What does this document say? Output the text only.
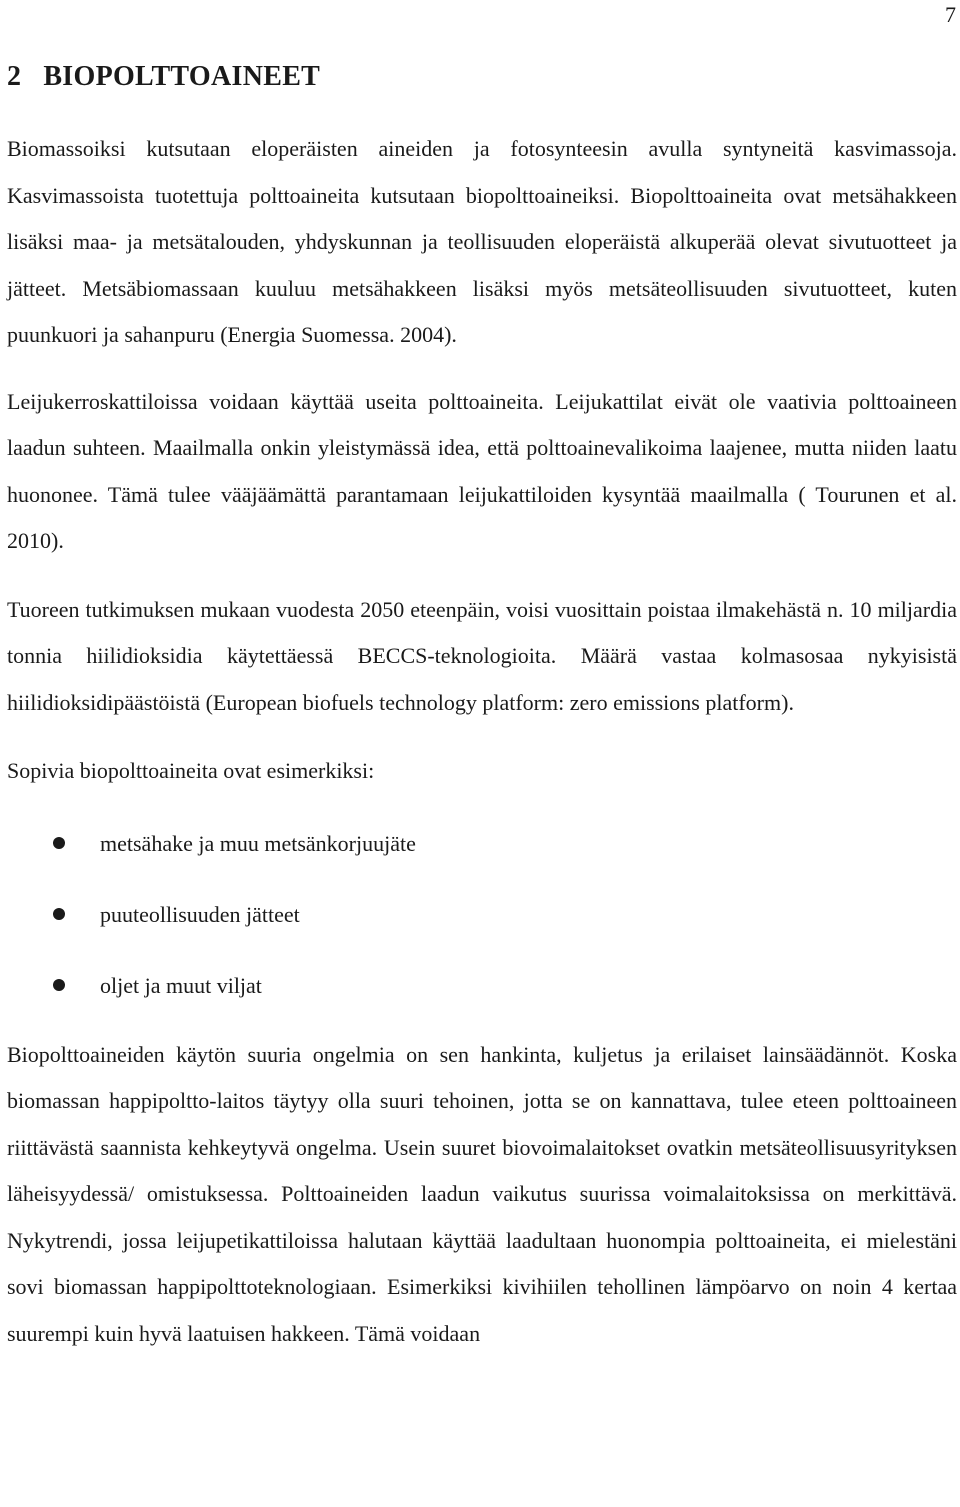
7
2 BIOPOLTTOAINEET

Biomassoiksi kutsutaan eloperäisten aineiden ja fotosynteesin avulla syntyneitä kasvimassoja. Kasvimassoista tuotettuja polttoaineita kutsutaan biopolttoaineiksi. Biopolttoaineita ovat metsähakkeen lisäksi maa- ja metsätalouden, yhdyskunnan ja teollisuuden eloperäistä alkuperää olevat sivutuotteet ja jätteet. Metsäbiomassaan kuuluu metsähakkeen lisäksi myös metsäteollisuuden sivutuotteet, kuten puunkuori ja sahanpuru (Energia Suomessa. 2004).

Leijukerroskattiloissa voidaan käyttää useita polttoaineita. Leijukattilat eivät ole vaativia polttoaineen laadun suhteen. Maailmalla onkin yleistymässä idea, että polttoainevalikoima laajenee, mutta niiden laatu huononee. Tämä tulee vääjäämättä parantamaan leijukattiloiden kysyntää maailmalla ( Tourunen et al. 2010).

Tuoreen tutkimuksen mukaan vuodesta 2050 eteenpäin, voisi vuosittain poistaa ilmakehästä n. 10 miljardia tonnia hiilidioksidia käytettäessä BECCS-teknologioita. Määrä vastaa kolmasosaa nykyisistä hiilidioksidipäästöistä (European biofuels technology platform: zero emissions platform).

Sopivia biopolttoaineita ovat esimerkiksi:

metsähake ja muu metsänkorjuujäte
puuteollisuuden jätteet
oljet ja muut viljat

Biopolttoaineiden käytön suuria ongelmia on sen hankinta, kuljetus ja erilaiset lainsäädännöt. Koska biomassan happipoltto-laitos täytyy olla suuri tehoinen, jotta se on kannattava, tulee eteen polttoaineen riittävästä saannista kehkeytyvä ongelma. Usein suuret biovoimalaitokset ovatkin metsäteollisuusyrityksen läheisyydessä/ omistuksessa. Polttoaineiden laadun vaikutus suurissa voimalaitoksissa on merkittävä. Nykytrendi, jossa leijupetikattiloissa halutaan käyttää laadultaan huonompia polttoaineita, ei mielestäni sovi biomassan happipolttoteknologiaan. Esimerkiksi kivihiilen tehollinen lämpöarvo on noin 4 kertaa suurempi kuin hyvä laatuisen hakkeen. Tämä voidaan
